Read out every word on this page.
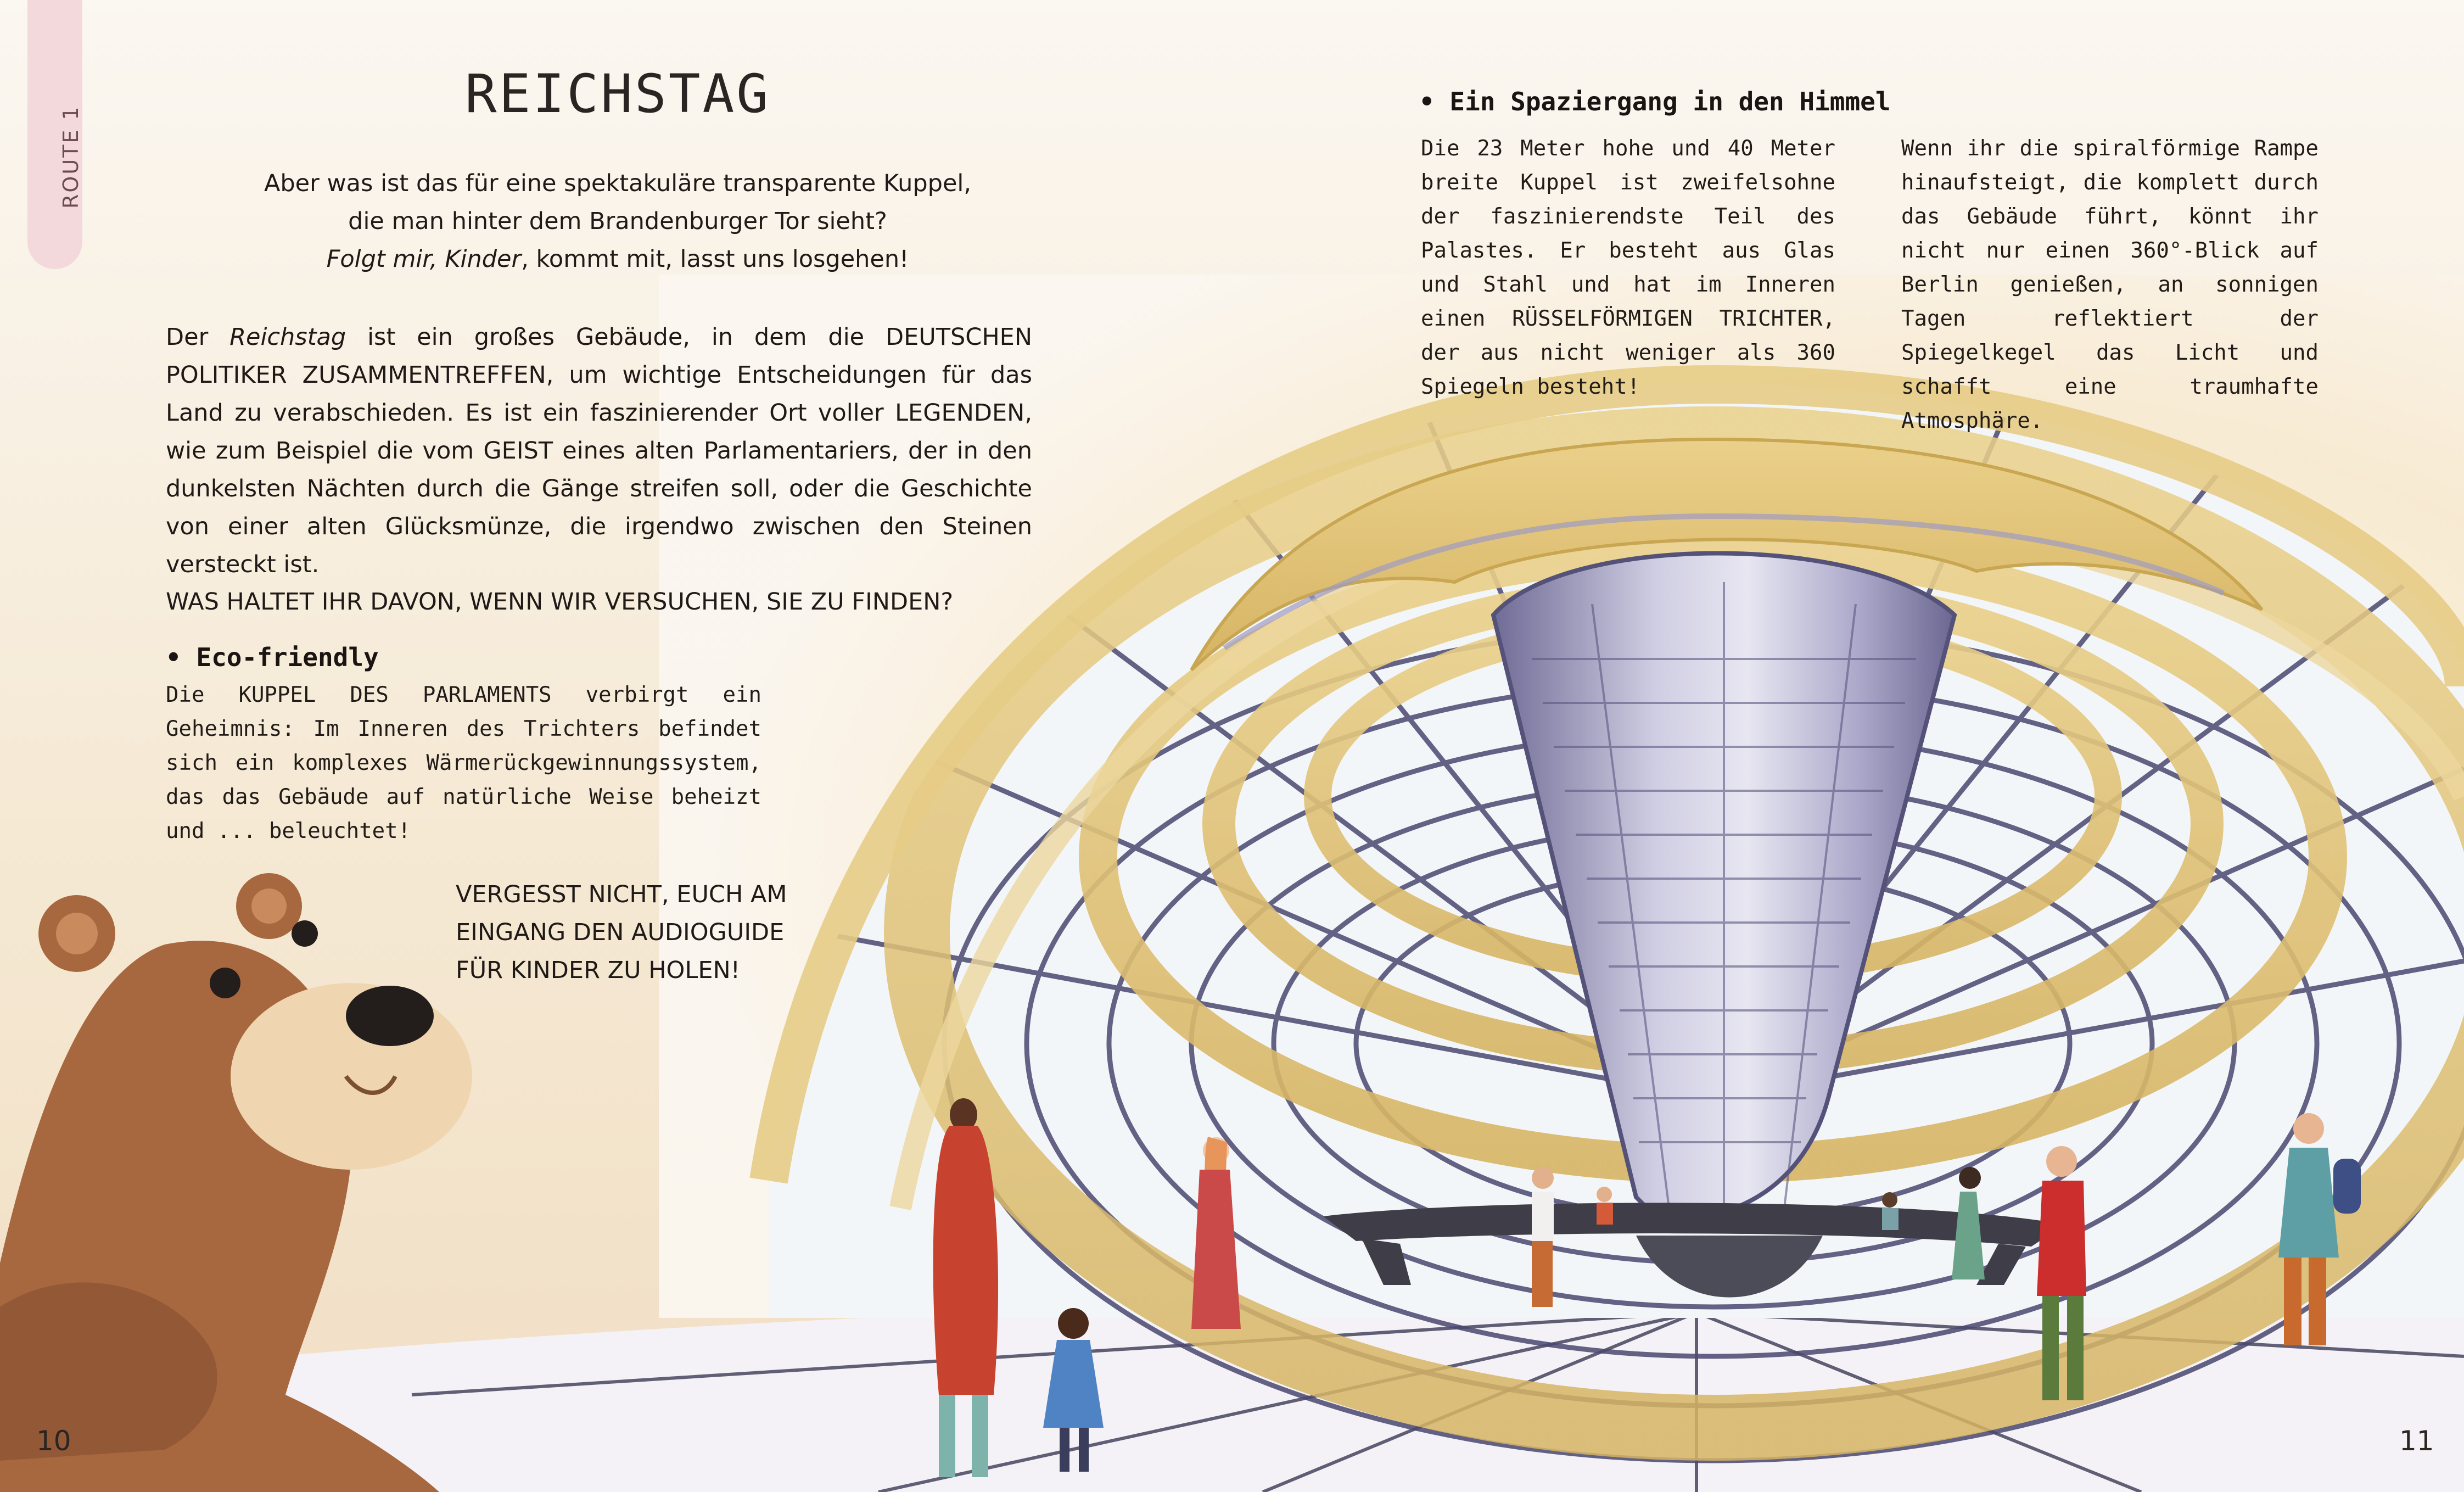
ROUTE 1
REICHSTAG

Aber was ist das für eine spektakuläre transparente Kuppel,

die man hinter dem Brandenburger Tor sieht?

Folgt mir, Kinder, kommt mit, lasst uns losgehen!

Der Reichstag ist ein großes Gebäude, in dem die DEUTSCHEN POLITIKER ZUSAMMENTREFFEN, um wichtige Entscheidungen für das Land zu verabschieden. Es ist ein faszinierender Ort voller LEGENDEN, wie zum Beispiel die vom GEIST eines alten Parlamentariers, der in den dunkelsten Nächten durch die Gänge streifen soll, oder die Geschichte von einer alten Glücksmünze, die irgendwo zwischen den Steinen versteckt ist.

WAS HALTET IHR DAVON, WENN WIR VERSUCHEN, SIE ZU FINDEN?
• Eco-friendly
Die KUPPEL DES PARLAMENTS verbirgt ein Geheimnis: Im Inneren des Trichters befindet sich ein komplexes Wärmerückgewinnungssystem, das das Gebäude auf natürliche Weise beheizt und ... beleuchtet!
VERGESST NICHT, EUCH AM EINGANG DEN AUDIOGUIDE FÜR KINDER ZU HOLEN!
• Ein Spaziergang in den Himmel
Die 23 Meter hohe und 40 Meter breite Kuppel ist zweifelsohne der faszinierendste Teil des Palastes. Er besteht aus Glas und Stahl und hat im Inneren einen RÜSSELFÖRMIGEN TRICHTER, der aus nicht weniger als 360 Spiegeln besteht!
Wenn ihr die spiralförmige Rampe hinaufsteigt, die komplett durch das Gebäude führt, könnt ihr nicht nur einen 360°-Blick auf Berlin genießen, an sonnigen Tagen reflektiert der Spiegelkegel das Licht und schafft eine traumhafte Atmosphäre.
10	11
